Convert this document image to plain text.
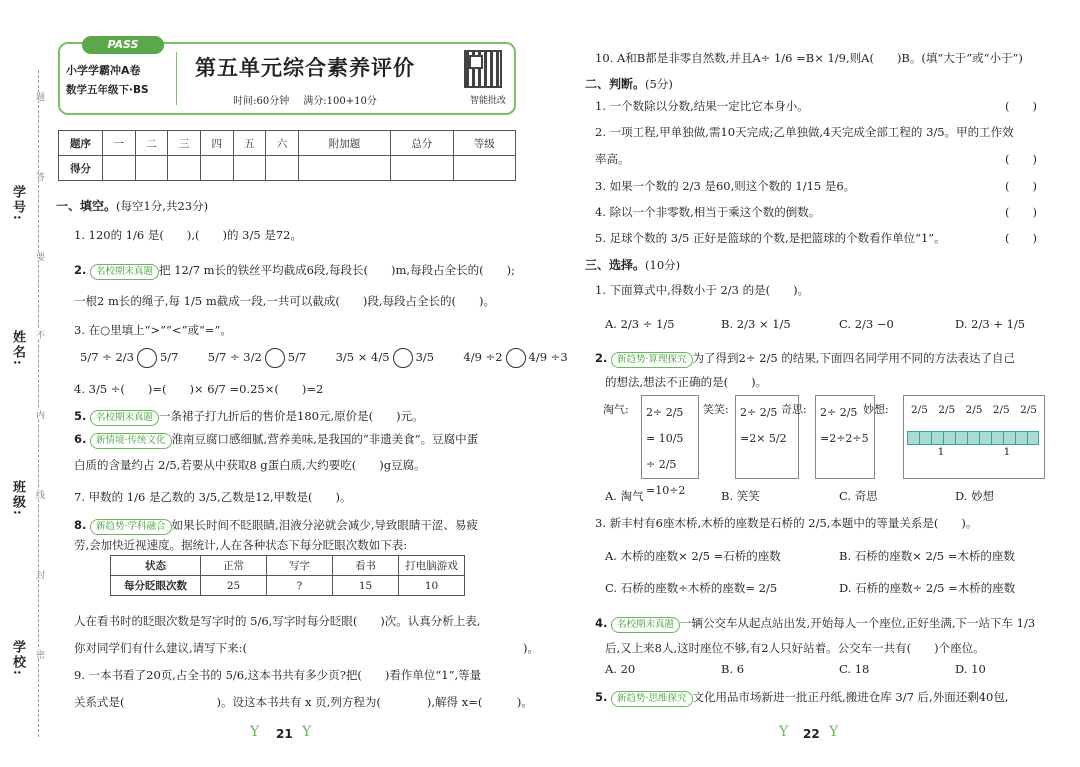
学号:
姓名:
班级:
学校:
题
答
要
不
内
线
封
密
PASS
小学学霸冲A卷
数学五年级下·BS
第五单元综合素养评价
时间:60分钟 满分:100+10分	智能批改
题序	一	二	三	四	五	六	附加题	总分	等级
得分									
一、填空。(每空1分,共23分)
1. 120的 1/6 是(　　),(　　)的 3/5 是72。
2. 名校期末真题 把 12/7 m长的铁丝平均截成6段,每段长(　　)m,每段占全长的(　　);
一根2 m长的绳子,每 1/5 m截成一段,一共可以截成(　　)段,每段占全长的(　　)。
3. 在○里填上“>”“<”或“=”。
5/7 ÷ 2/3 5/7	5/7 ÷ 3/2 5/7	3/5 × 4/5 3/5	4/9 ÷2 4/9 ÷3
4. 3/5 ÷(　　)=(　　)× 6/7 =0.25×(　　)=2
5. 名校期末真题 一条裙子打九折后的售价是180元,原价是(　　)元。
6. 新情境·传统文化 淮南豆腐口感细腻,营养美味,是我国的“非遗美食”。豆腐中蛋
白质的含量约占 2/5,若要从中获取8 g蛋白质,大约要吃(　　)g豆腐。
7. 甲数的 1/6 是乙数的 3/5,乙数是12,甲数是(　　)。
8. 新趋势·学科融合 如果长时间不眨眼睛,泪液分泌就会减少,导致眼睛干涩、易疲
劳,会加快近视速度。据统计,人在各种状态下每分眨眼次数如下表:
状态	正常	写字	看书	打电脑游戏
每分眨眼次数	25	?	15	10
人在看书时的眨眼次数是写字时的 5/6,写字时每分眨眼(　　)次。认真分析上表,
你对同学们有什么建议,请写下来:(　　　　　　　　　　　　　　　　　　　　　　　　)。
9. 一本书看了20页,占全书的 5/6,这本书共有多少页?把(　　)看作单位“1”,等量
关系式是(　　　　　　　　)。设这本书共有 x 页,列方程为(　　　　),解得 x=(　　　)。
Y 21 Y
10. A和B都是非零自然数,并且A÷ 1/6 =B× 1/9,则A(　　)B。(填“大于”或“小于”)
二、判断。(5分)
1. 一个数除以分数,结果一定比它本身小。	(　　)
2. 一项工程,甲单独做,需10天完成;乙单独做,4天完成全部工程的 3/5。甲的工作效
率高。	(　　)
3. 如果一个数的 2/3 是60,则这个数的 1/15 是6。	(　　)
4. 除以一个非零数,相当于乘这个数的倒数。	(　　)
5. 足球个数的 3/5 正好是篮球的个数,是把篮球的个数看作单位“1”。	(　　)
三、选择。(10分)
1. 下面算式中,得数小于 2/3 的是(　　)。
A. 2/3 ÷ 1/5	B. 2/3 × 1/5	C. 2/3 −0	D. 2/3 + 1/5
2. 新趋势·算理探究 为了得到2÷ 2/5 的结果,下面四名同学用不同的方法表达了自己
的想法,想法不正确的是(　　)。
淘气: 2÷ 2/5
= 10/5 ÷ 2/5
=10÷2
笑笑: 2÷ 2/5
=2× 5/2
奇思: 2÷ 2/5
=2÷2÷5
妙想: 2/5 2/5 2/5 2/5 2/5
1	1
A. 淘气	B. 笑笑	C. 奇思	D. 妙想
3. 新丰村有6座木桥,木桥的座数是石桥的 2/5,本题中的等量关系是(　　)。
A. 木桥的座数× 2/5 =石桥的座数	B. 石桥的座数× 2/5 =木桥的座数
C. 石桥的座数÷木桥的座数= 2/5	D. 石桥的座数÷ 2/5 =木桥的座数
4. 名校期末真题 一辆公交车从起点站出发,开始每人一个座位,正好坐满,下一站下车 1/3
后,又上来8人,这时座位不够,有2人只好站着。公交车一共有(　　)个座位。
A. 20	B. 6	C. 18	D. 10
5. 新趋势·思维探究 文化用品市场新进一批正丹纸,搬进仓库 3/7 后,外面还剩40包,
Y 22 Y
